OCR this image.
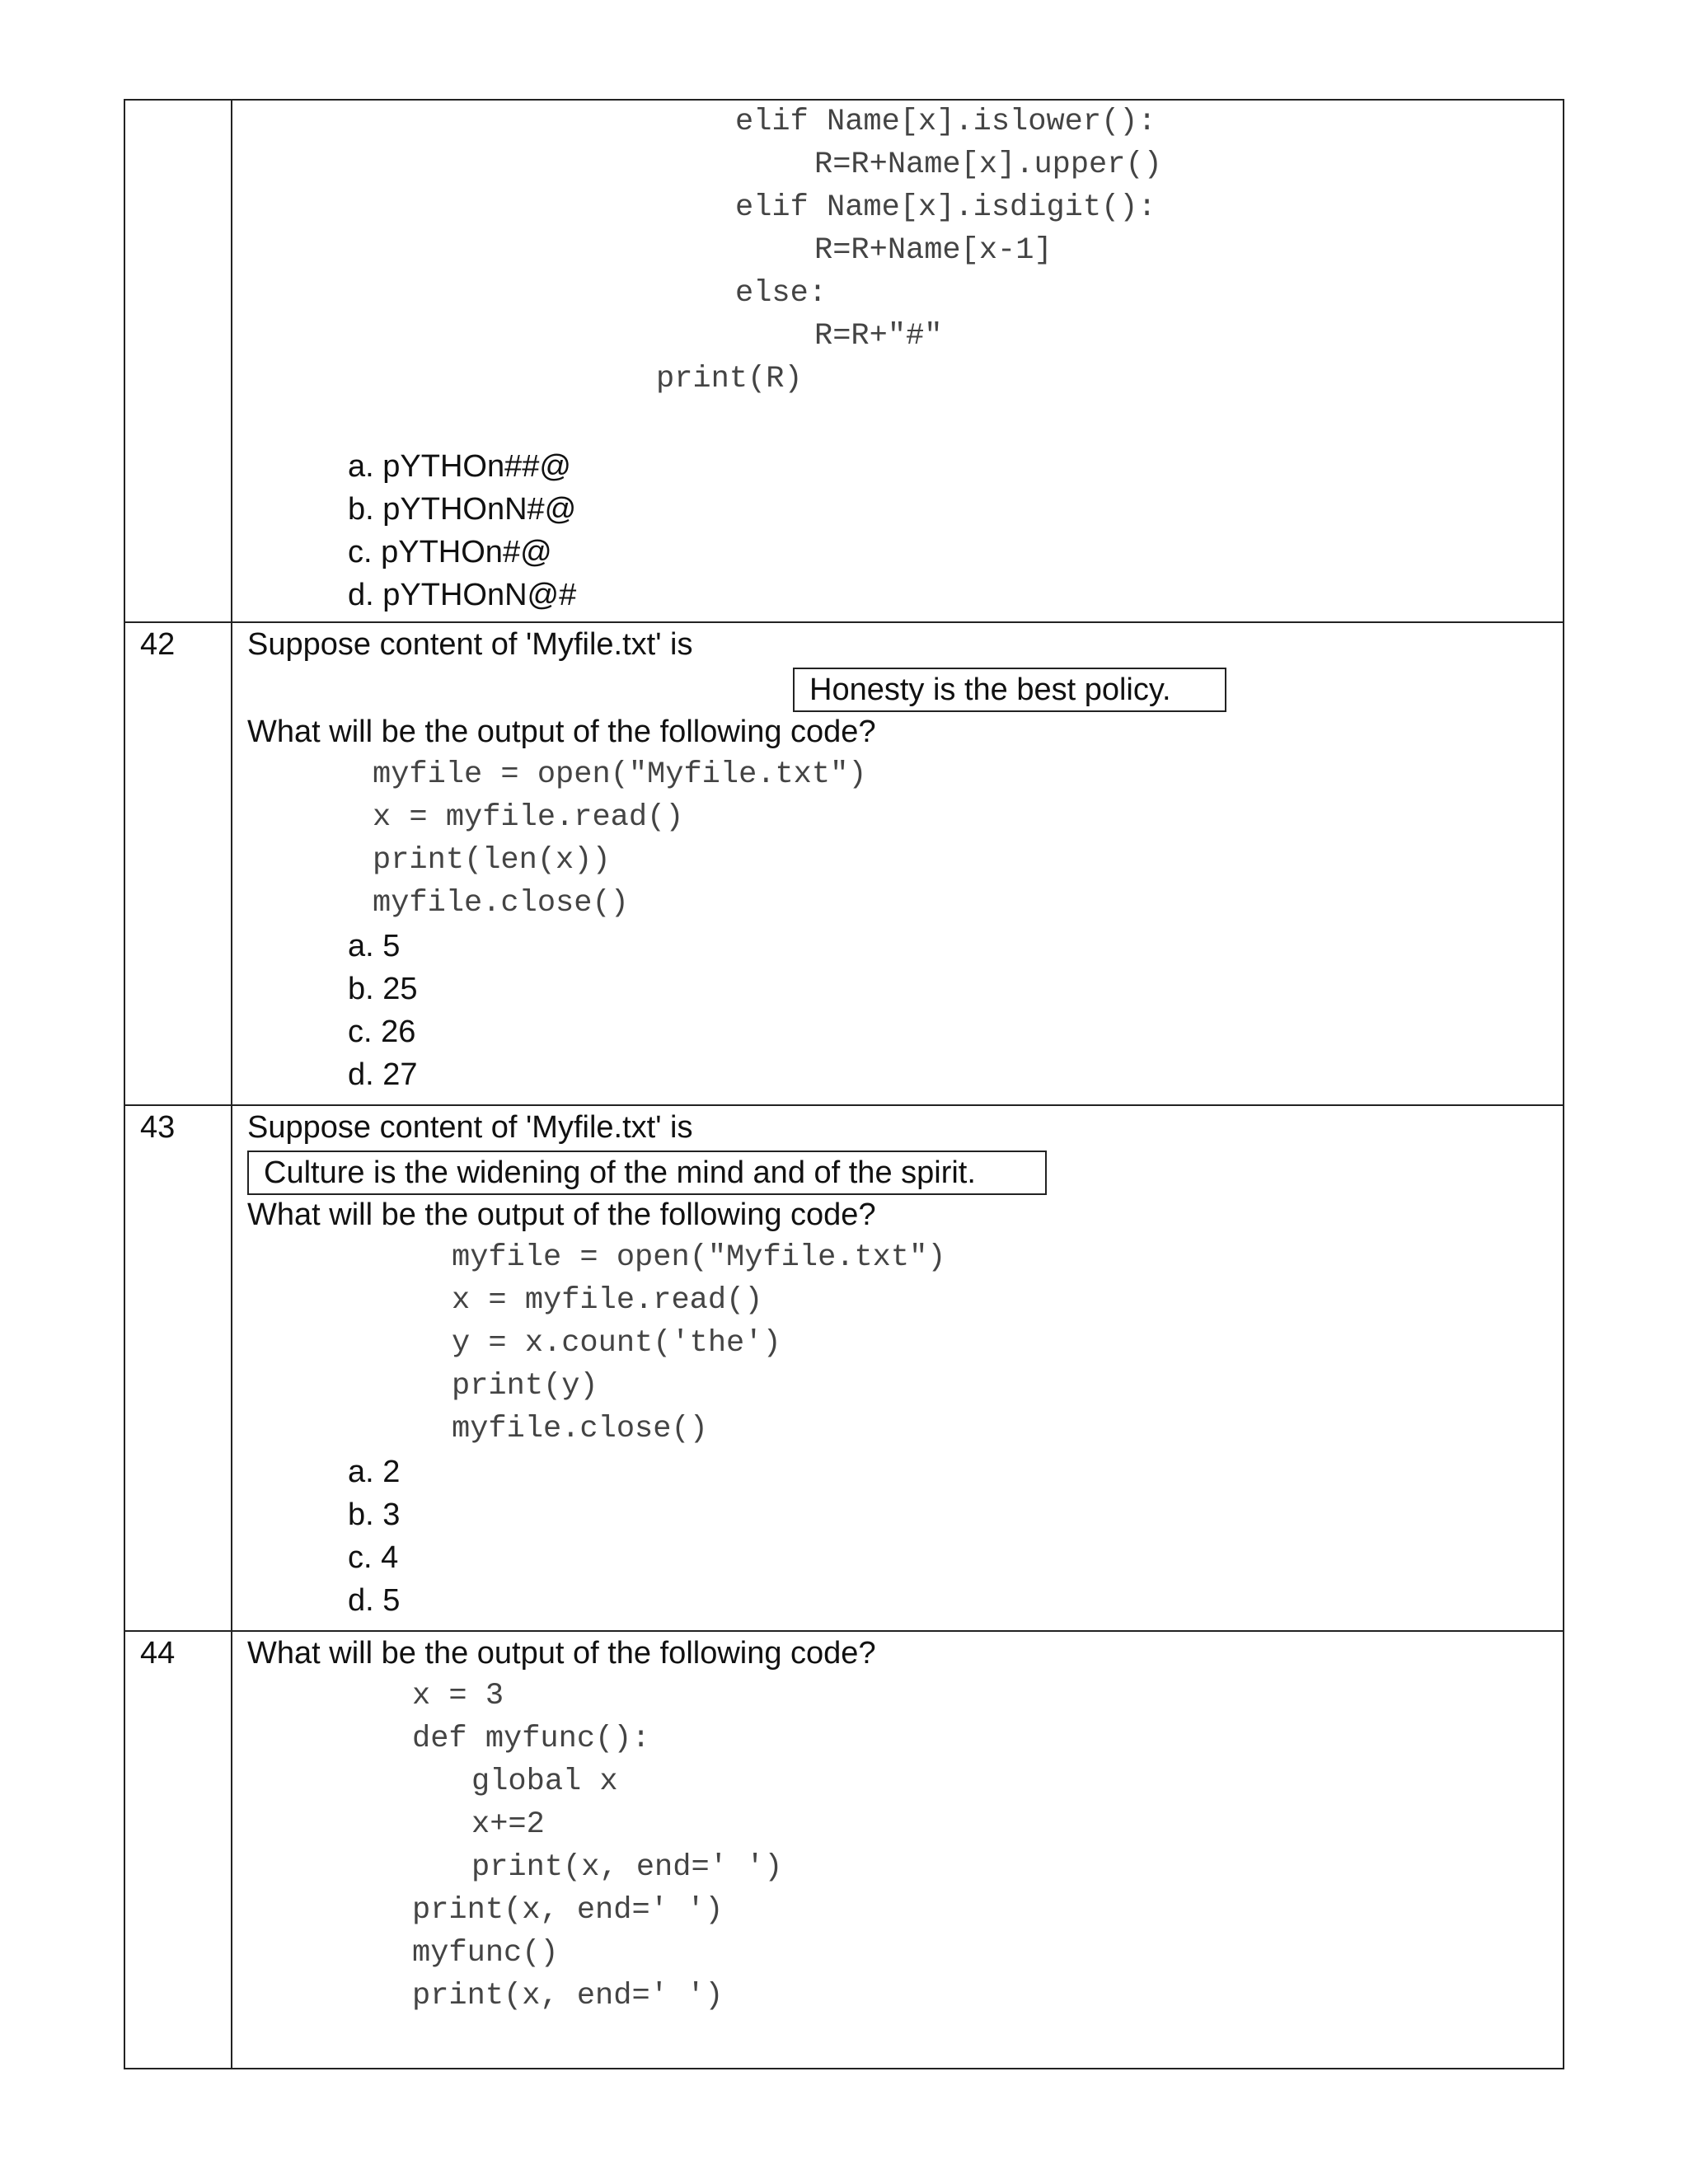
elif Name[x].islower():
R=R+Name[x].upper()
elif Name[x].isdigit():
R=R+Name[x-1]
else:
R=R+"#"
print(R)
a. pYTHOn##@
b. pYTHOnN#@
c. pYTHOn#@
d. pYTHOnN@#
42 Suppose content of 'Myfile.txt' is
Honesty is the best policy.
What will be the output of the following code?
myfile = open("Myfile.txt")
x = myfile.read()
print(len(x))
myfile.close()
a. 5
b. 25
c. 26
d. 27
43 Suppose content of 'Myfile.txt' is
Culture is the widening of the mind and of the spirit.
What will be the output of the following code?
myfile = open("Myfile.txt")
x = myfile.read()
y = x.count('the')
print(y)
myfile.close()
a. 2
b. 3
c. 4
d. 5
44 What will be the output of the following code?
x = 3
def myfunc():
global x
x+=2
print(x, end=' ')
print(x, end=' ')
myfunc()
print(x, end=' ')
